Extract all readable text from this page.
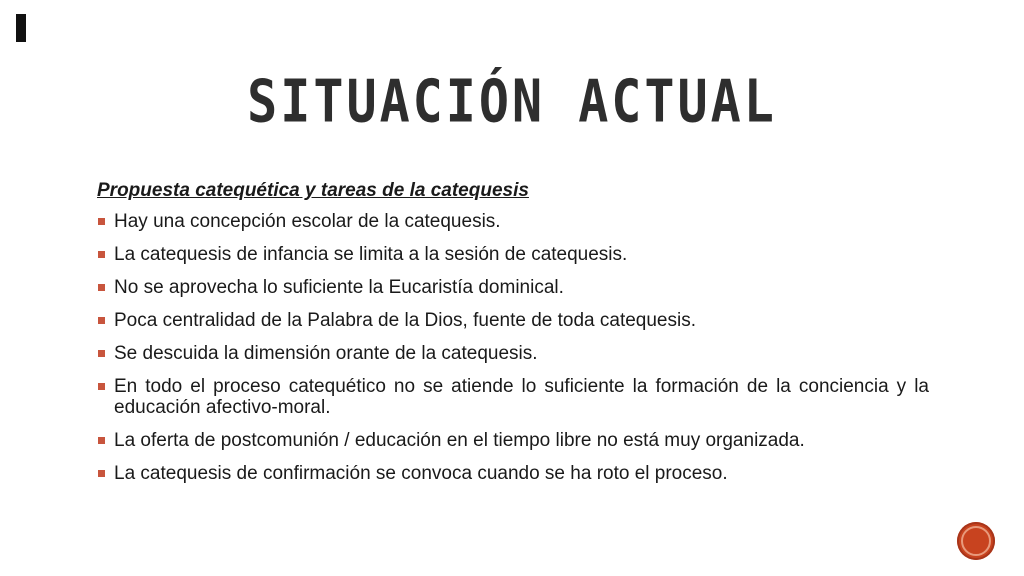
SITUACIÓN ACTUAL
Propuesta catequética y tareas de la catequesis
Hay una concepción escolar de la catequesis.
La catequesis de infancia se limita a la sesión de catequesis.
No se aprovecha lo suficiente la Eucaristía dominical.
Poca centralidad de la Palabra de la Dios, fuente de toda catequesis.
Se descuida la dimensión orante de la catequesis.
En todo el proceso catequético no se atiende lo suficiente la formación de la conciencia y la educación afectivo-moral.
La oferta de postcomunión / educación en el tiempo libre no está muy organizada.
La catequesis de confirmación se convoca cuando se ha roto el proceso.
